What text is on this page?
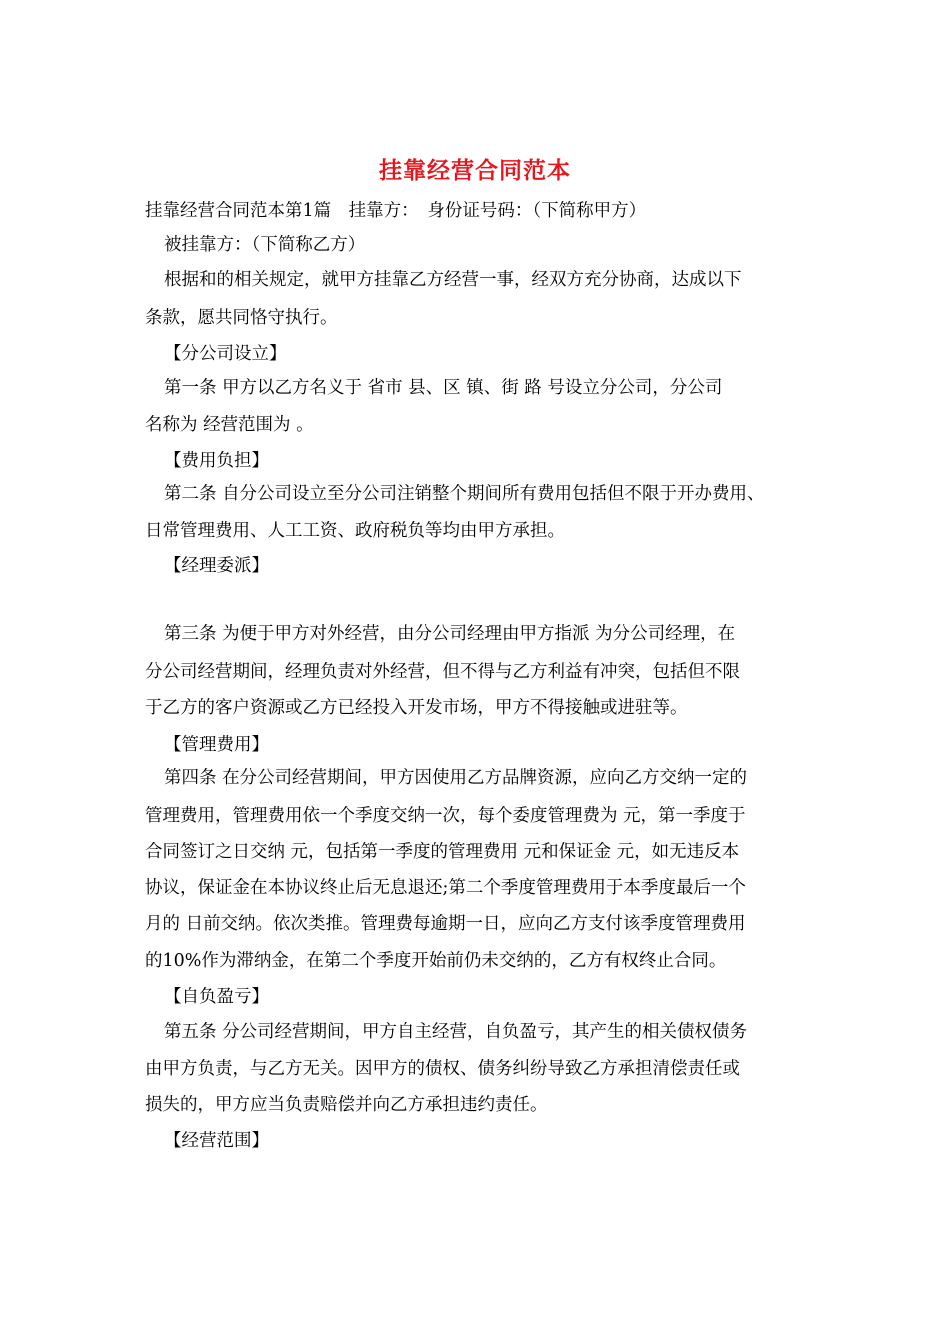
挂靠经营合同范本
挂靠经营合同范本第1篇　挂靠方：　身份证号码：（下简称甲方）
被挂靠方：（下简称乙方）
根据和的相关规定，就甲方挂靠乙方经营一事，经双方充分协商，达成以下
条款，愿共同恪守执行。
【分公司设立】
第一条 甲方以乙方名义于 省市 县、区 镇、街 路 号设立分公司，分公司
名称为 经营范围为 。
【费用负担】
第二条 自分公司设立至分公司注销整个期间所有费用包括但不限于开办费用、
日常管理费用、人工工资、政府税负等均由甲方承担。
【经理委派】
第三条 为便于甲方对外经营，由分公司经理由甲方指派 为分公司经理，在
分公司经营期间，经理负责对外经营，但不得与乙方利益有冲突，包括但不限
于乙方的客户资源或乙方已经投入开发市场，甲方不得接触或进驻等。
【管理费用】
第四条 在分公司经营期间，甲方因使用乙方品牌资源，应向乙方交纳一定的
管理费用，管理费用依一个季度交纳一次，每个委度管理费为 元，第一季度于
合同签订之日交纳 元，包括第一季度的管理费用 元和保证金 元，如无违反本
协议，保证金在本协议终止后无息退还;第二个季度管理费用于本季度最后一个
月的 日前交纳。依次类推。管理费每逾期一日，应向乙方支付该季度管理费用
的10%作为滞纳金，在第二个季度开始前仍未交纳的，乙方有权终止合同。
【自负盈亏】
第五条 分公司经营期间，甲方自主经营，自负盈亏，其产生的相关债权债务
由甲方负责，与乙方无关。因甲方的债权、债务纠纷导致乙方承担清偿责任或
损失的，甲方应当负责赔偿并向乙方承担违约责任。
【经营范围】
